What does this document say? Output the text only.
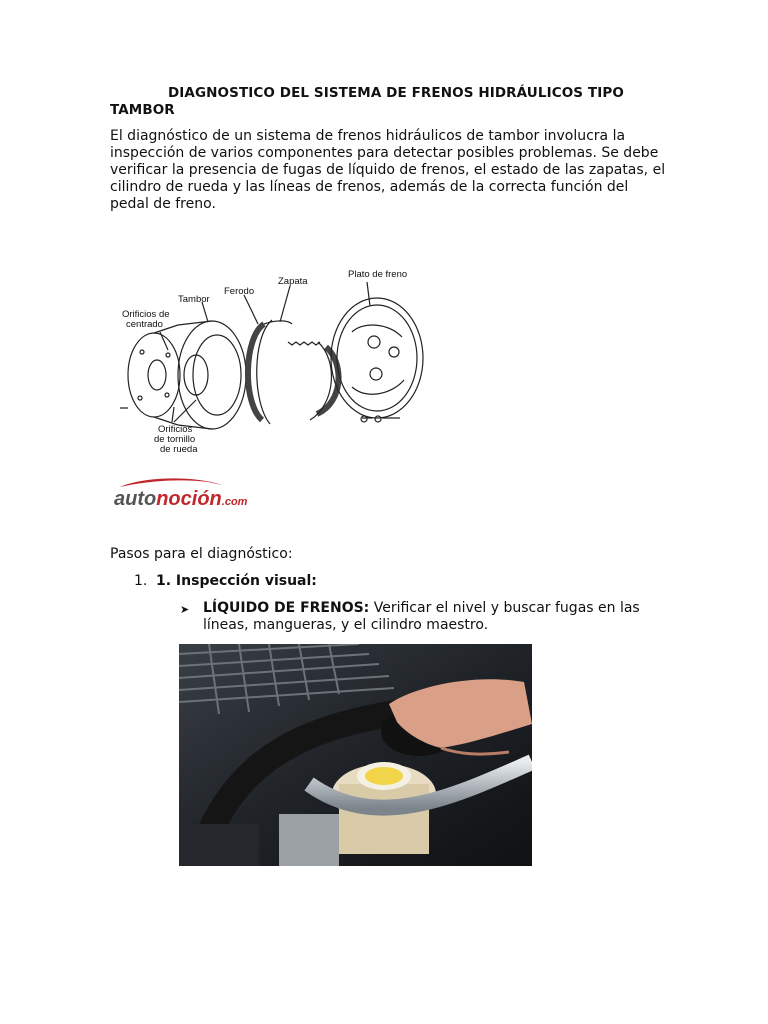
DIAGNOSTICO DEL SISTEMA DE FRENOS HIDRÁULICOS TIPO TAMBOR
El diagnóstico de un sistema de frenos hidráulicos de tambor involucra la inspección de varios componentes para detectar posibles problemas. Se debe verificar la presencia de fugas de líquido de frenos, el estado de las zapatas, el cilindro de rueda y las líneas de frenos, además de la correcta función del pedal de freno.
Orificios de
centrado
Tambor
Ferodo
Zapata
Plato de freno
Orificios
de tornillo
de rueda
autonoción.com
Pasos para el diagnóstico:
1. 1. Inspección visual:
➤ LÍQUIDO DE FRENOS: Verificar el nivel y buscar fugas en las
líneas, mangueras, y el cilindro maestro.
